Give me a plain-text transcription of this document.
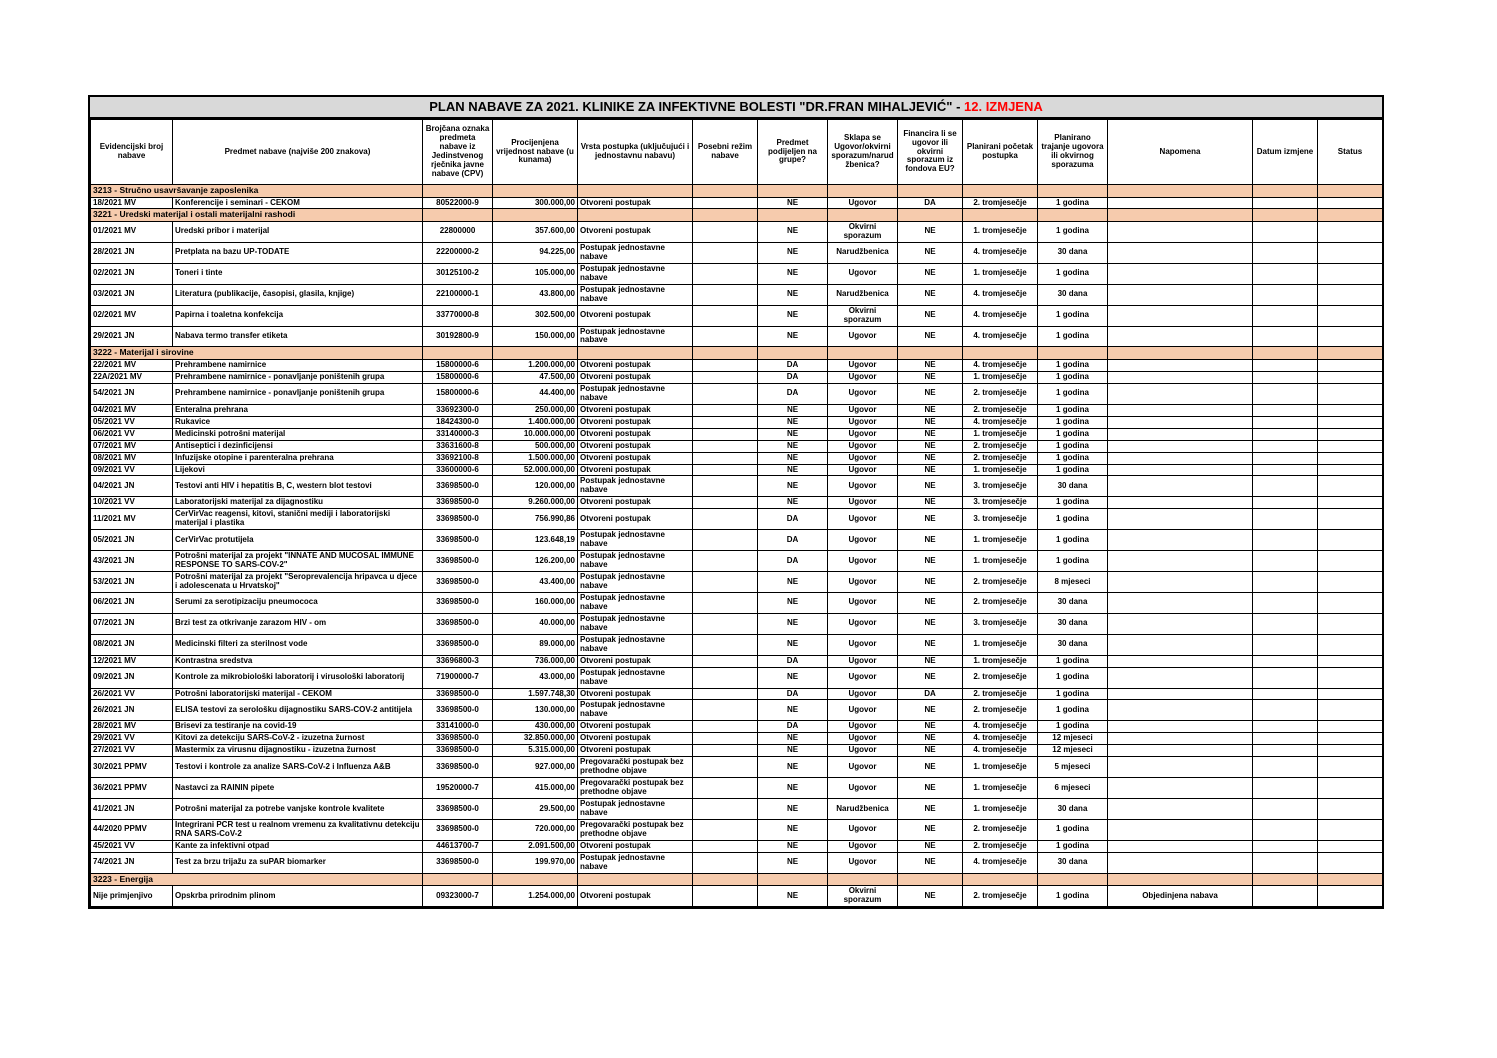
PLAN NABAVE ZA 2021. KLINIKE ZA INFEKTIVNE BOLESTI "DR.FRAN MIHALJEVIĆ" - 12. IZMJENA
Evidencijski broj nabave	Predmet nabave (najviše 200 znakova)	Brojčana oznaka predmeta nabave iz Jedinstvenog rječnika javne nabave (CPV)	Procijenjena vrijednost nabave (u kunama)	Vrsta postupka (uključujući i jednostavnu nabavu)	Posebni režim nabave	Predmet podijeljen na grupe?	Sklapa se Ugovor/okvirni sporazum/narudžbenica?	Financira li se ugovor ili okvirni sporazum iz fondova EU?	Planirani početak postupka	Planirano trajanje ugovora ili okvirnog sporazuma	Napomena	Datum izmjene	Status
3213 - Stručno usavršavanje zaposlenika													
18/2021 MV	Konferencije i seminari - CEKOM	80522000-9	300.000,00	Otvoreni postupak		NE	Ugovor	DA	2. tromjesečje	1 godina			
3221 - Uredski materijal i ostali materijalni rashodi													
01/2021 MV	Uredski pribor i materijal	22800000	357.600,00	Otvoreni postupak		NE	Okvirni sporazum	NE	1. tromjesečje	1 godina			
28/2021 JN	Pretplata na bazu UP-TODATE	22200000-2	94.225,00	Postupak jednostavne nabave		NE	Narudžbenica	NE	4. tromjesečje	30 dana			
02/2021 JN	Toneri i tinte	30125100-2	105.000,00	Postupak jednostavne nabave		NE	Ugovor	NE	1. tromjesečje	1 godina			
03/2021 JN	Literatura (publikacije, časopisi, glasila, knjige)	22100000-1	43.800,00	Postupak jednostavne nabave		NE	Narudžbenica	NE	4. tromjesečje	30 dana			
02/2021 MV	Papirna i toaletna konfekcija	33770000-8	302.500,00	Otvoreni postupak		NE	Okvirni sporazum	NE	4. tromjesečje	1 godina			
29/2021 JN	Nabava termo transfer etiketa	30192800-9	150.000,00	Postupak jednostavne nabave		NE	Ugovor	NE	4. tromjesečje	1 godina			
3222 - Materijal i sirovine													
22/2021 MV	Prehrambene namirnice	15800000-6	1.200.000,00	Otvoreni postupak		DA	Ugovor	NE	4. tromjesečje	1 godina			
22A/2021 MV	Prehrambene namirnice - ponavljanje poništenih grupa	15800000-6	47.500,00	Otvoreni postupak		DA	Ugovor	NE	1. tromjesečje	1 godina			
54/2021 JN	Prehrambene namirnice - ponavljanje poništenih grupa	15800000-6	44.400,00	Postupak jednostavne nabave		DA	Ugovor	NE	2. tromjesečje	1 godina			
04/2021 MV	Enteralna prehrana	33692300-0	250.000,00	Otvoreni postupak		NE	Ugovor	NE	2. tromjesečje	1 godina			
05/2021 VV	Rukavice	18424300-0	1.400.000,00	Otvoreni postupak		NE	Ugovor	NE	4. tromjesečje	1 godina			
06/2021 VV	Medicinski potrošni materijal	33140000-3	10.000.000,00	Otvoreni postupak		NE	Ugovor	NE	1. tromjesečje	1 godina			
07/2021 MV	Antiseptici i dezinficijensi	33631600-8	500.000,00	Otvoreni postupak		NE	Ugovor	NE	2. tromjesečje	1 godina			
08/2021 MV	Infuzijske otopine i parenteralna prehrana	33692100-8	1.500.000,00	Otvoreni postupak		NE	Ugovor	NE	2. tromjesečje	1 godina			
09/2021 VV	Lijekovi	33600000-6	52.000.000,00	Otvoreni postupak		NE	Ugovor	NE	1. tromjesečje	1 godina			
04/2021 JN	Testovi anti HIV i hepatitis B, C, western blot testovi	33698500-0	120.000,00	Postupak jednostavne nabave		NE	Ugovor	NE	3. tromjesečje	30 dana			
10/2021 VV	Laboratorijski materijal za dijagnostiku	33698500-0	9.260.000,00	Otvoreni postupak		NE	Ugovor	NE	3. tromjesečje	1 godina			
11/2021 MV	CerVirVac reagensi, kitovi, stanični mediji i laboratorijski materijal i plastika	33698500-0	756.990,86	Otvoreni postupak		DA	Ugovor	NE	3. tromjesečje	1 godina			
05/2021 JN	CerVirVac protutijela	33698500-0	123.648,19	Postupak jednostavne nabave		DA	Ugovor	NE	1. tromjesečje	1 godina			
43/2021 JN	Potrošni materijal za projekt "INNATE AND MUCOSAL IMMUNE RESPONSE TO SARS-COV-2"	33698500-0	126.200,00	Postupak jednostavne nabave		DA	Ugovor	NE	1. tromjesečje	1 godina			
53/2021 JN	Potrošni materijal za projekt "Seroprevalencija hripavca u djece i adolescenata u Hrvatskoj"	33698500-0	43.400,00	Postupak jednostavne nabave		NE	Ugovor	NE	2. tromjesečje	8 mjeseci			
06/2021 JN	Serumi za serotipizaciju pneumococa	33698500-0	160.000,00	Postupak jednostavne nabave		NE	Ugovor	NE	2. tromjesečje	30 dana			
07/2021 JN	Brzi test za otkrivanje zarazom HIV - om	33698500-0	40.000,00	Postupak jednostavne nabave		NE	Ugovor	NE	3. tromjesečje	30 dana			
08/2021 JN	Medicinski filteri za sterilnost vode	33698500-0	89.000,00	Postupak jednostavne nabave		NE	Ugovor	NE	1. tromjesečje	30 dana			
12/2021 MV	Kontrastna sredstva	33696800-3	736.000,00	Otvoreni postupak		DA	Ugovor	NE	1. tromjesečje	1 godina			
09/2021 JN	Kontrole za mikrobiološki laboratorij i virusološki laboratorij	71900000-7	43.000,00	Postupak jednostavne nabave		NE	Ugovor	NE	2. tromjesečje	1 godina			
26/2021 VV	Potrošni laboratorijski materijal - CEKOM	33698500-0	1.597.748,30	Otvoreni postupak		DA	Ugovor	DA	2. tromjesečje	1 godina			
26/2021 JN	ELISA testovi za serološku dijagnostiku SARS-COV-2 antitijela	33698500-0	130.000,00	Postupak jednostavne nabave		NE	Ugovor	NE	2. tromjesečje	1 godina			
28/2021 MV	Brisevi za testiranje na covid-19	33141000-0	430.000,00	Otvoreni postupak		DA	Ugovor	NE	4. tromjesečje	1 godina			
29/2021 VV	Kitovi za detekciju SARS-CoV-2 - izuzetna žurnost	33698500-0	32.850.000,00	Otvoreni postupak		NE	Ugovor	NE	4. tromjesečje	12 mjeseci			
27/2021 VV	Mastermix za virusnu dijagnostiku - izuzetna žurnost	33698500-0	5.315.000,00	Otvoreni postupak		NE	Ugovor	NE	4. tromjesečje	12 mjeseci			
30/2021 PPMV	Testovi i kontrole za analize SARS-CoV-2 i Influenza A&B	33698500-0	927.000,00	Pregovarački postupak bez prethodne objave		NE	Ugovor	NE	1. tromjesečje	5 mjeseci			
36/2021 PPMV	Nastavci za RAININ pipete	19520000-7	415.000,00	Pregovarački postupak bez prethodne objave		NE	Ugovor	NE	1. tromjesečje	6 mjeseci			
41/2021 JN	Potrošni materijal za potrebe vanjske kontrole kvalitete	33698500-0	29.500,00	Postupak jednostavne nabave		NE	Narudžbenica	NE	1. tromjesečje	30 dana			
44/2020 PPMV	Integrirani PCR test u realnom vremenu za kvalitativnu detekciju RNA SARS-CoV-2	33698500-0	720.000,00	Pregovarački postupak bez prethodne objave		NE	Ugovor	NE	2. tromjesečje	1 godina			
45/2021 VV	Kante za infektivni otpad	44613700-7	2.091.500,00	Otvoreni postupak		NE	Ugovor	NE	2. tromjesečje	1 godina			
74/2021 JN	Test za brzu trijažu za suPAR biomarker	33698500-0	199.970,00	Postupak jednostavne nabave		NE	Ugovor	NE	4. tromjesečje	30 dana			
3223 - Energija													
Nije primjenjivo	Opskrba prirodnim plinom	09323000-7	1.254.000,00	Otvoreni postupak		NE	Okvirni sporazum	NE	2. tromjesečje	1 godina	Objedinjena nabava		
